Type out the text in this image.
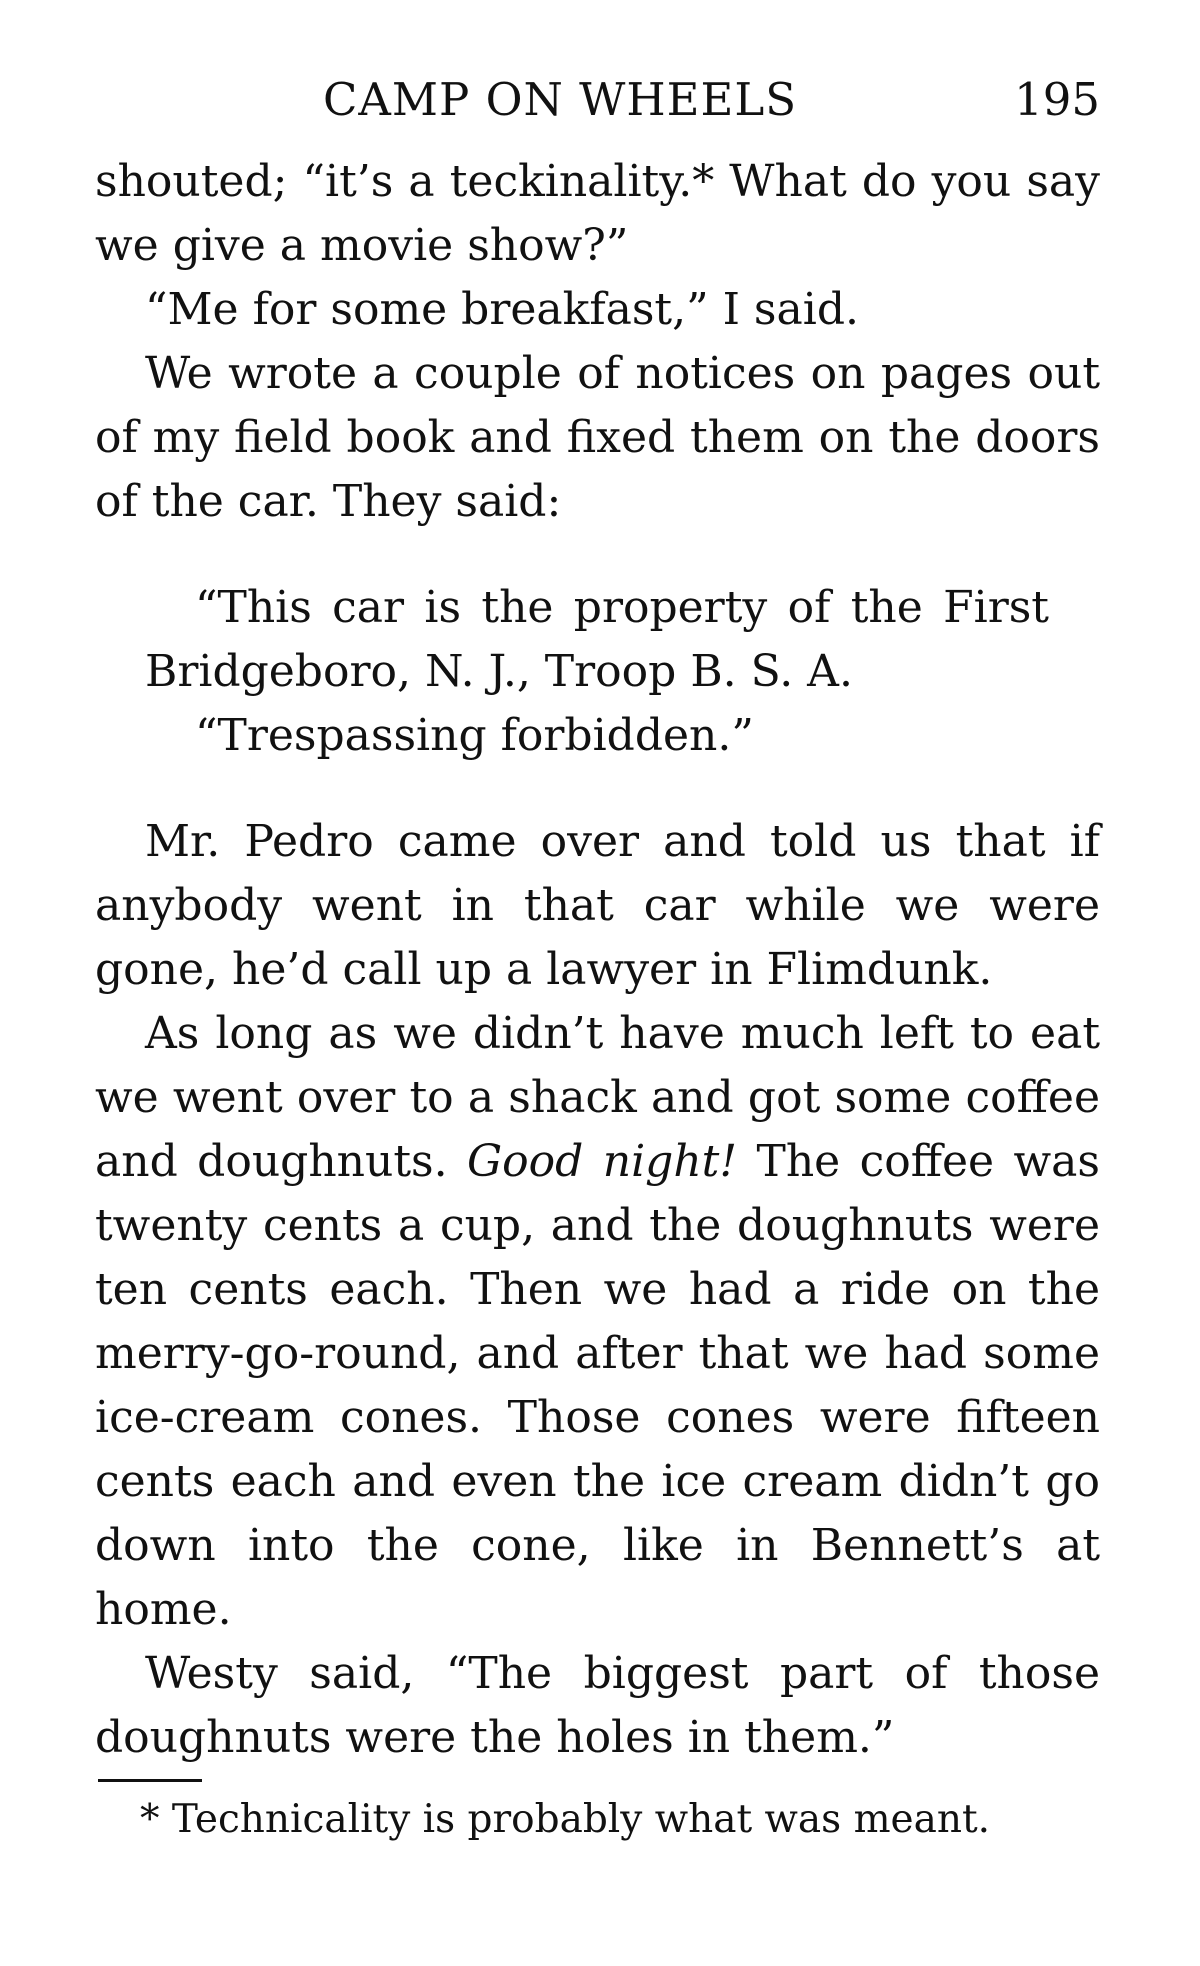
CAMP ON WHEELS	195

shouted; “it’s a teckinality.* What do you say we give a movie show?”

“Me for some breakfast,” I said.

We wrote a couple of notices on pages out of my field book and fixed them on the doors of the car. They said:

“This car is the property of the First Bridgeboro, N. J., Troop B. S. A.

“Trespassing forbidden.”

Mr. Pedro came over and told us that if anybody went in that car while we were gone, he’d call up a lawyer in Flimdunk.

As long as we didn’t have much left to eat we went over to a shack and got some coffee and doughnuts. Good night! The coffee was twenty cents a cup, and the doughnuts were ten cents each. Then we had a ride on the merry-go-round, and after that we had some ice-cream cones. Those cones were fifteen cents each and even the ice cream didn’t go down into the cone, like in Bennett’s at home.

Westy said, “The biggest part of those doughnuts were the holes in them.”

* Technicality is probably what was meant.
